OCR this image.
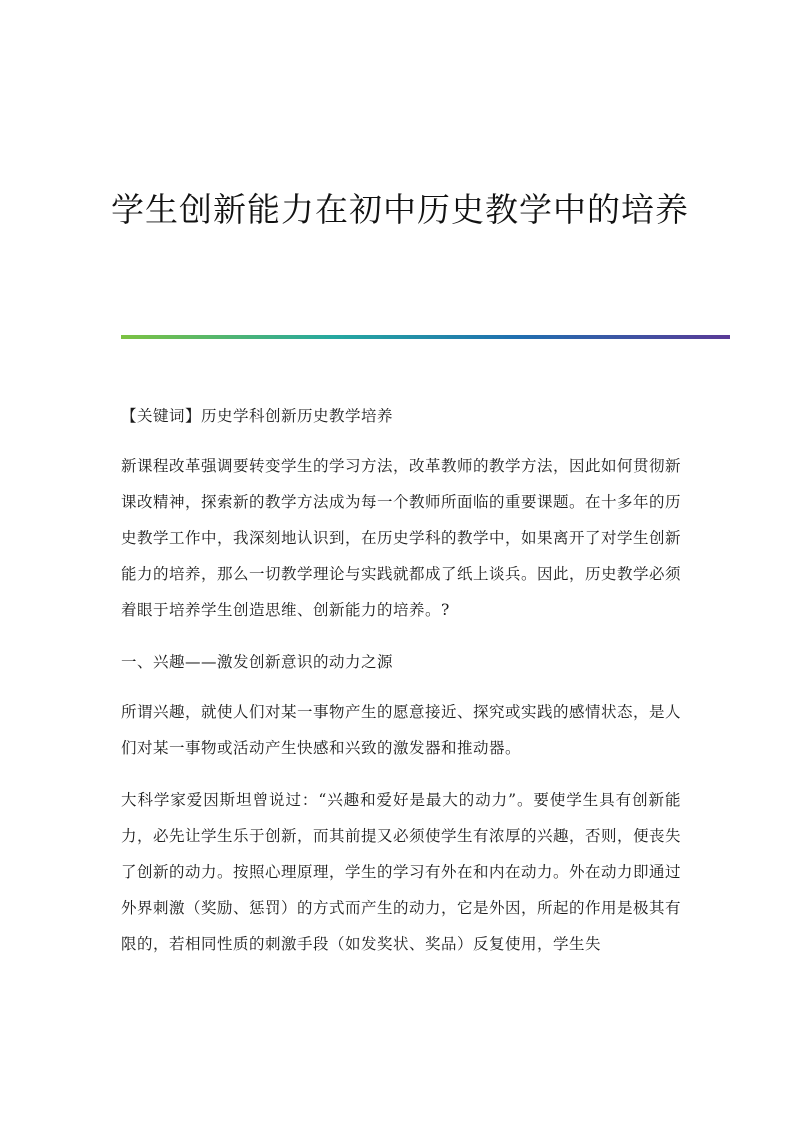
学生创新能力在初中历史教学中的培养

【关键词】历史学科创新历史教学培养

新课程改革强调要转变学生的学习方法，改革教师的教学方法，因此如何贯彻新课改精神，探索新的教学方法成为每一个教师所面临的重要课题。在十多年的历史教学工作中，我深刻地认识到，在历史学科的教学中，如果离开了对学生创新能力的培养，那么一切教学理论与实践就都成了纸上谈兵。因此，历史教学必须着眼于培养学生创造思维、创新能力的培养。?

一、兴趣——激发创新意识的动力之源

所谓兴趣，就使人们对某一事物产生的愿意接近、探究或实践的感情状态，是人们对某一事物或活动产生快感和兴致的激发器和推动器。

大科学家爱因斯坦曾说过：“兴趣和爱好是最大的动力”。要使学生具有创新能力，必先让学生乐于创新，而其前提又必须使学生有浓厚的兴趣，否则，便丧失了创新的动力。按照心理原理，学生的学习有外在和内在动力。外在动力即通过外界刺激（奖励、惩罚）的方式而产生的动力，它是外因，所起的作用是极其有限的，若相同性质的刺激手段（如发奖状、奖品）反复使用，学生失
